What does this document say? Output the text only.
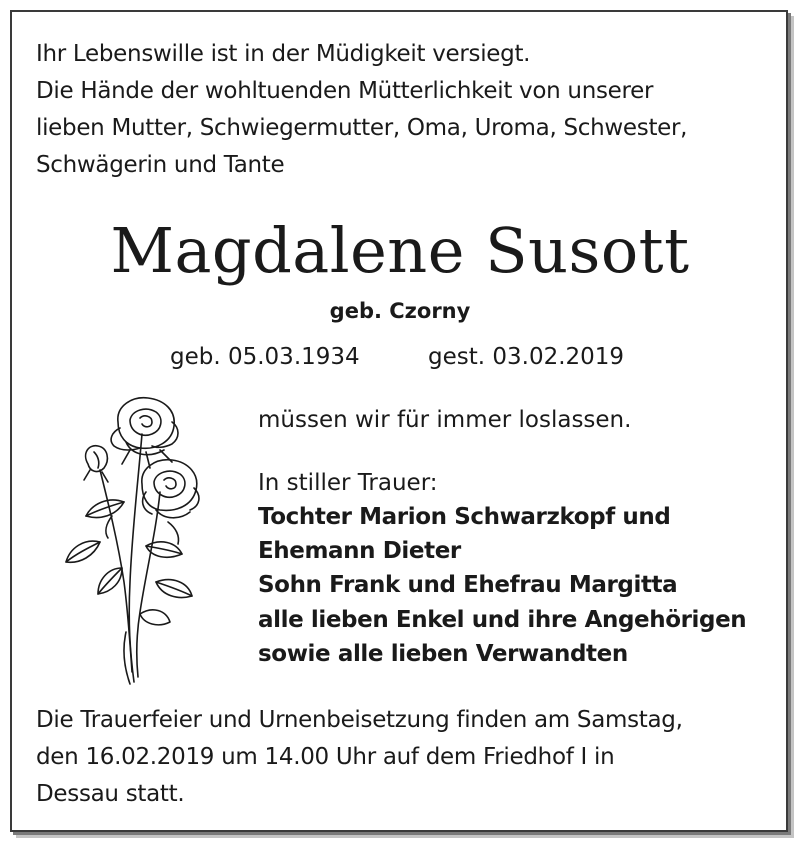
Ihr Lebenswille ist in der Müdigkeit versiegt.
Die Hände der wohltuenden Mütterlichkeit von unserer
lieben Mutter, Schwiegermutter, Oma, Uroma, Schwester,
Schwägerin und Tante
Magdalene Susott
geb. Czorny
geb. 05.03.1934	gest. 03.02.2019
müssen wir für immer loslassen.
In stiller Trauer:
Tochter Marion Schwarzkopf und
Ehemann Dieter
Sohn Frank und Ehefrau Margitta
alle lieben Enkel und ihre Angehörigen
sowie alle lieben Verwandten
Die Trauerfeier und Urnenbeisetzung finden am Samstag,
den 16.02.2019 um 14.00 Uhr auf dem Friedhof I in
Dessau statt.
